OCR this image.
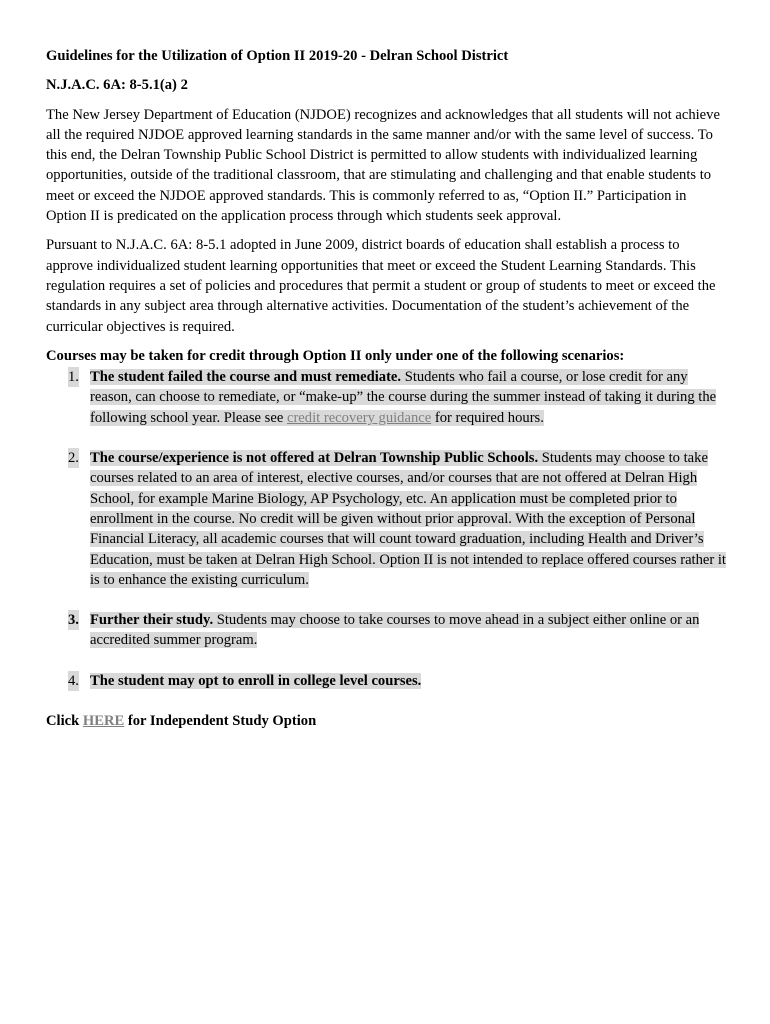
Guidelines for the Utilization of Option II 2019-20 - Delran School District
N.J.A.C. 6A: 8-5.1(a) 2

The New Jersey Department of Education (NJDOE) recognizes and acknowledges that all students will not achieve all the required NJDOE approved learning standards in the same manner and/or with the same level of success. To this end, the Delran Township Public School District is permitted to allow students with individualized learning opportunities, outside of the traditional classroom, that are stimulating and challenging and that enable students to meet or exceed the NJDOE approved standards. This is commonly referred to as, “Option II.” Participation in Option II is predicated on the application process through which students seek approval.

Pursuant to N.J.A.C. 6A: 8-5.1 adopted in June 2009, district boards of education shall establish a process to approve individualized student learning opportunities that meet or exceed the Student Learning Standards. This regulation requires a set of policies and procedures that permit a student or group of students to meet or exceed the standards in any subject area through alternative activities. Documentation of the student’s achievement of the curricular objectives is required.

Courses may be taken for credit through Option II only under one of the following scenarios:
1. The student failed the course and must remediate. Students who fail a course, or lose credit for any reason, can choose to remediate, or “make-up” the course during the summer instead of taking it during the following school year. Please see credit recovery guidance for required hours.
2. The course/experience is not offered at Delran Township Public Schools. Students may choose to take courses related to an area of interest, elective courses, and/or courses that are not offered at Delran High School, for example Marine Biology, AP Psychology, etc. An application must be completed prior to enrollment in the course. No credit will be given without prior approval. With the exception of Personal Financial Literacy, all academic courses that will count toward graduation, including Health and Driver’s Education, must be taken at Delran High School. Option II is not intended to replace offered courses rather it is to enhance the existing curriculum.
3. Further their study. Students may choose to take courses to move ahead in a subject either online or an accredited summer program.
4. The student may opt to enroll in college level courses.
Click HERE for Independent Study Option
